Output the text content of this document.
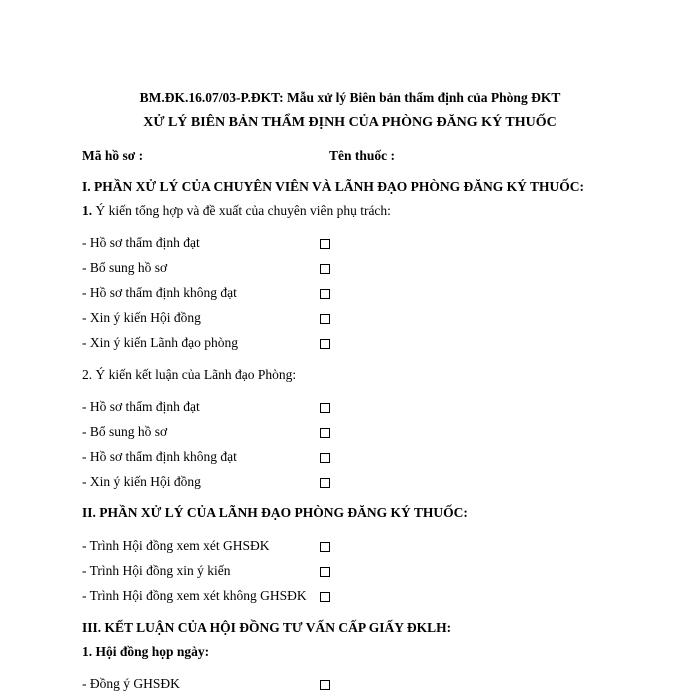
BM.ĐK.16.07/03-P.ĐKT: Mẫu xử lý Biên bản thẩm định của Phòng ĐKT
XỬ LÝ BIÊN BẢN THẨM ĐỊNH CỦA PHÒNG ĐĂNG KÝ THUỐC
Mã hồ sơ :	Tên thuốc :
I. PHẦN XỬ LÝ CỦA CHUYÊN VIÊN VÀ LÃNH ĐẠO PHÒNG ĐĂNG KÝ THUỐC:
1. Ý kiến tổng hợp và đề xuất của chuyên viên phụ trách:
- Hồ sơ thẩm định đạt
- Bổ sung hồ sơ
- Hồ sơ thẩm định không đạt
- Xin ý kiến Hội đồng
- Xin ý kiến Lãnh đạo phòng
2. Ý kiến kết luận của Lãnh đạo Phòng:
- Hồ sơ thẩm định đạt
- Bổ sung hồ sơ
- Hồ sơ thẩm định không đạt
- Xin ý kiến Hội đồng
II. PHẦN XỬ LÝ CỦA LÃNH ĐẠO PHÒNG ĐĂNG KÝ THUỐC:
- Trình Hội đồng xem xét GHSĐK
- Trình Hội đồng xin ý kiến
- Trình Hội đồng xem xét không GHSĐK
III. KẾT LUẬN CỦA HỘI ĐỒNG TƯ VẤN CẤP GIẤY ĐKLH:
1. Hội đồng họp ngày:
- Đồng ý GHSĐK
